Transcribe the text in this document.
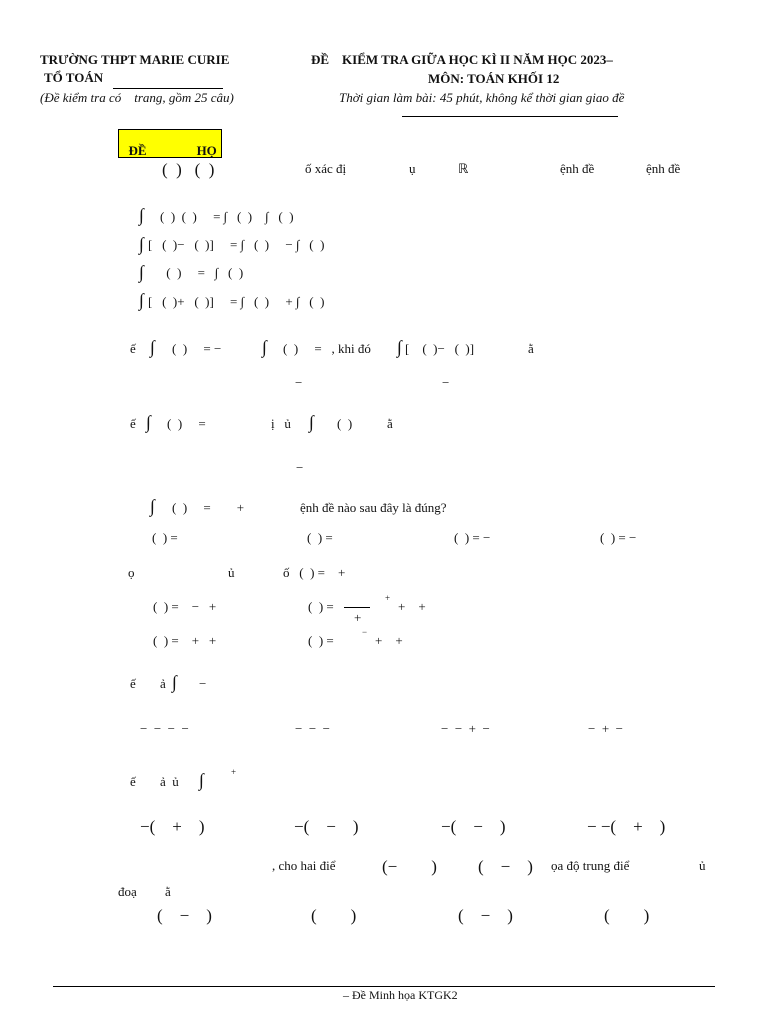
TRƯỜNG THPT MARIE CURIE
TỔ TOÁN
(Đề kiểm tra có    trang, gồm 25 câu)
ĐỀ    KIỂM TRA GIỮA HỌC KÌ II NĂM HỌC 2023–
MÔN: TOÁN KHỐI 12
Thời gian làm bài: 45 phút, không kể thời gian giao đề

ĐỀ	HỌ

(  )   (  )	ố xác đị	ụ	ℝ	ệnh đề	ệnh đề
∫ (  )  (  )     = ∫   (  )    ∫   (  )
∫ [   (  )−   (  )]     = ∫   (  )     − ∫   (  )
∫ (  )     =   ∫   (  )
∫ [   (  )+   (  )]     = ∫   (  )     + ∫   (  )
ế ∫ (  )     = − ∫ (  )     =   , khi đó ∫ [    (  )−   (  )]	ằ
−	−
ế ∫ (  )     =	ị   ủ ∫ (  )	ằ
−
∫ (  )     =        +	ệnh đề nào sau đây là đúng?
(  ) =	(  ) =	(  ) = −	(  ) = −
ọ	ủ	ố   (  ) =    +
(  ) =    −   +	(  ) =
+
+
+    +
(  ) =    +   +	(  ) =
−
+    +
ế ả ∫ −
−  −  −  −	−  −  −	−  −  +  −	−  +  −
ế ả  ủ ∫	+
−(    +    )	−(    −    )	−(    −    )	− −(    +    )
, cho hai điể	(−        ) (    −    ) ọa độ trung điể	ủ
đoạ ằ
(    −    )	(        )	(    −    )	(        )
– Đề Minh họa KTGK2
